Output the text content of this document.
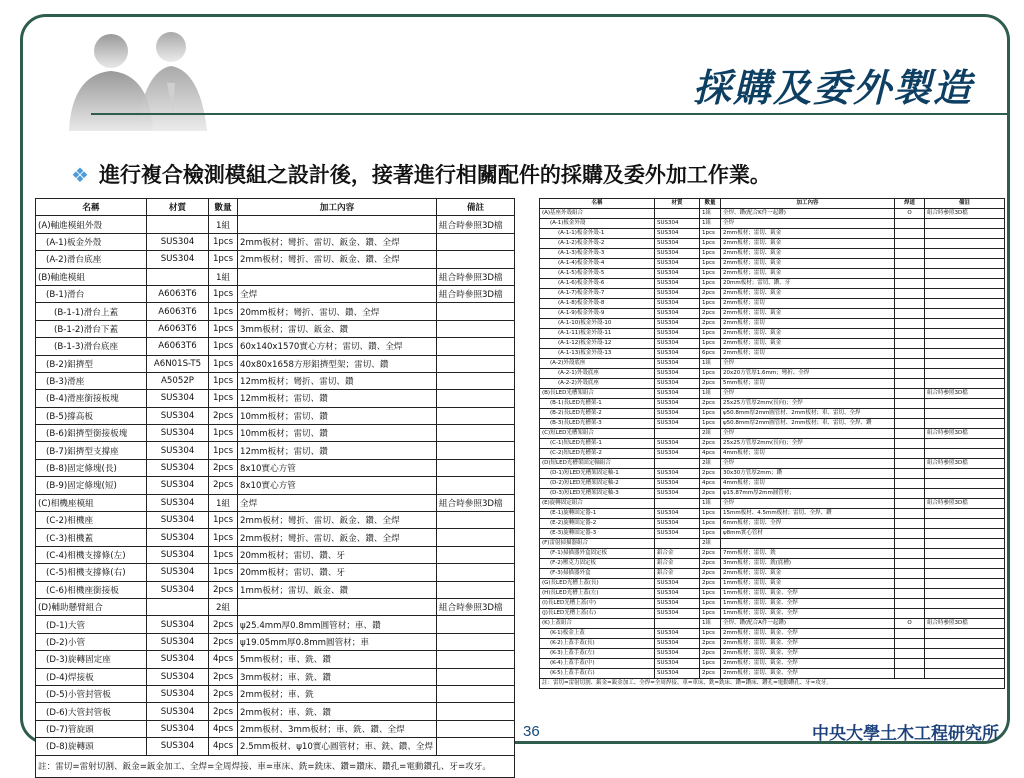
採購及委外製造
❖ 進行複合檢測模組之設計後，接著進行相關配件的採購及委外加工作業。
名稱	材質	數量	加工內容	備註
(A)軸進模組外殼		1組		組合時參照3D檔
(A-1)板金外殼	SUS304	1pcs	2mm板材；彎折、雷切、鈑金、鑽、全焊	
(A-2)滑台底座	SUS304	1pcs	2mm板材；彎折、雷切、鈑金、鑽、全焊	
(B)軸進模組		1組		組合時參照3D檔
(B-1)滑台	A6063T6	1pcs	全焊	組合時參照3D檔
(B-1-1)滑台上蓋	A6063T6	1pcs	20mm板材；彎折、雷切、鑽、全焊	
(B-1-2)滑台下蓋	A6063T6	1pcs	3mm板材；雷切、鈑金、鑽	
(B-1-3)滑台底座	A6063T6	1pcs	60x140x1570實心方材；雷切、鑽、全焊	
(B-2)鋁擠型	A6N01S-T5	1pcs	40x80x1658方形鋁擠型架；雷切、鑽	
(B-3)滑座	A5052P	1pcs	12mm板材；彎折、雷切、鑽	
(B-4)滑座銜接板塊	SUS304	1pcs	12mm板材；雷切、鑽	
(B-5)撐高板	SUS304	2pcs	10mm板材；雷切、鑽	
(B-6)鋁擠型銜接板塊	SUS304	1pcs	10mm板材；雷切、鑽	
(B-7)鋁擠型支撐座	SUS304	1pcs	12mm板材；雷切、鑽	
(B-8)固定條塊(長)	SUS304	2pcs	8x10實心方管	
(B-9)固定條塊(短)	SUS304	2pcs	8x10實心方管	
(C)相機座模組	SUS304	1組	全焊	組合時參照3D檔
(C-2)相機座	SUS304	1pcs	2mm板材；彎折、雷切、鈑金、鑽、全焊	
(C-3)相機蓋	SUS304	1pcs	2mm板材；彎折、雷切、鈑金、鑽、全焊	
(C-4)相機支撐條(左)	SUS304	1pcs	20mm板材；雷切、鑽、牙	
(C-5)相機支撐條(右)	SUS304	1pcs	20mm板材；雷切、鑽、牙	
(C-6)相機座銜接板	SUS304	2pcs	1mm板材；雷切、鈑金、鑽	
(D)輔助懸臂組合		2組		組合時參照3D檔
(D-1)大管	SUS304	2pcs	ψ25.4mm厚0.8mm圓管材；車、鑽	
(D-2)小管	SUS304	2pcs	ψ19.05mm厚0.8mm圓管材；車	
(D-3)旋轉固定座	SUS304	4pcs	5mm板材；車、銑、鑽	
(D-4)焊接板	SUS304	2pcs	3mm板材；車、銑、鑽	
(D-5)小管封管板	SUS304	2pcs	2mm板材；車、銑	
(D-6)大管封管板	SUS304	2pcs	2mm板材；車、銑、鑽	
(D-7)管旋頭	SUS304	4pcs	2mm板材、3mm板材；車、銑、鑽、全焊	
(D-8)旋轉頭	SUS304	4pcs	2.5mm板材、ψ10實心圓管材；車、銑、鑽、全焊	
註：雷切=雷射切割、鈑金=鈑金加工、全焊=全周焊接、車=車床、銑=銑床、鑽=鑽床、鑽孔=電動鑽孔、牙=攻牙。				
名稱	材質	數量	加工內容	焊道	備註
(A)基座外殼組合		1組	全焊、鑽(配合K件一起鑽)	O	組合時參照3D檔
(A-1)板金外殼	SUS304	1組	全焊		
(A-1-1)板金外殼-1	SUS304	1pcs	2mm板材；雷切、鈑金		
(A-1-2)板金外殼-2	SUS304	1pcs	2mm板材；雷切、鈑金		
(A-1-3)板金外殼-3	SUS304	1pcs	2mm板材；雷切、鈑金		
(A-1-4)板金外殼-4	SUS304	1pcs	2mm板材；雷切、鈑金		
(A-1-5)板金外殼-5	SUS304	1pcs	2mm板材；雷切、鈑金		
(A-1-6)板金外殼-6	SUS304	1pcs	20mm板材；雷切、鑽、牙		
(A-1-7)板金外殼-7	SUS304	2pcs	2mm板材；雷切、鈑金		
(A-1-8)板金外殼-8	SUS304	1pcs	2mm板材；雷切		
(A-1-9)板金外殼-9	SUS304	2pcs	2mm板材；雷切、鈑金		
(A-1-10)板金外殼-10	SUS304	2pcs	2mm板材；雷切		
(A-1-11)板金外殼-11	SUS304	1pcs	2mm板材；雷切、鈑金		
(A-1-12)板金外殼-12	SUS304	1pcs	2mm板材；雷切、鈑金		
(A-1-13)板金外殼-13	SUS304	6pcs	2mm板材；雷切		
(A-2)外殼底座	SUS304	1組	全焊		
(A-2-1)外殼底座	SUS304	1pcs	20x20方管厚1.6mm；彎折、全焊		
(A-2-2)外殼底座	SUS304	2pcs	5mm板材；雷切		
(B)長LED光槽架組合	SUS304	1組	全焊		組合時參照3D檔
(B-1)長LED光槽架-1	SUS304	2pcs	25x25方管厚2mm(長向)；全焊		
(B-2)長LED光槽架-2	SUS304	1pcs	ψ50.8mm厚2mm圓管材、2mm板材；車、雷切、全焊		
(B-3)長LED光槽架-3	SUS304	1pcs	ψ50.8mm厚2mm圓管材、2mm板材；車、雷切、全焊、鑽		
(C)短LED光槽架組合		2組	全焊		組合時參照3D檔
(C-1)短LED光槽架-1	SUS304	2pcs	25x25方管厚2mm(長向)；全焊		
(C-2)短LED光槽架-2	SUS304	4pcs	4mm板材；雷切		
(D)短LED光槽架固定軸組合		2組	全焊		組合時參照3D檔
(D-1)短LED光槽架固定軸-1	SUS304	2pcs	30x30方管厚2mm；鑽		
(D-2)短LED光槽架固定軸-2	SUS304	4pcs	4mm板材；雷切		
(D-3)短LED光槽架固定軸-3	SUS304	2pcs	ψ15.87mm厚2mm圓管材；		
(E)旋轉固定組合		1組	全焊		組合時參照3D檔
(E-1)旋轉固定器-1	SUS304	1pcs	15mm板材、4.5mm板材；雷切、全焊、鑽		
(E-2)旋轉固定器-2	SUS304	1pcs	6mm板材；雷切、全焊		
(E-3)旋轉固定器-3	SUS304	1pcs	ψ8mm實心管材		
(F)雷射掃描器組合		2組			
(F-1)掃描器外盒固定板	鋁合金	2pcs	7mm板材；雷切、銑		
(F-2)壓克力固定板	鋁合金	2pcs	3mm板材；雷切、銑(底槽)		
(F-3)掃描器外盒	鋁合金	2pcs	2mm板材；雷切、鈑金		
(G)長LED光槽上蓋(長)	SUS304	2pcs	1mm板材；雷切、鈑金		
(H)長LED光槽上蓋(左)	SUS304	1pcs	1mm板材；雷切、鈑金、全焊		
(I)長LED光槽上蓋(中)	SUS304	1pcs	1mm板材；雷切、鈑金、全焊		
(J)長LED光槽上蓋(右)	SUS304	1pcs	1mm板材；雷切、鈑金、全焊		
(K)上蓋組合		1組	全焊、鑽(配合A件一起鑽)	O	組合時參照3D檔
(K-1)板金上蓋	SUS304	1pcs	2mm板材；雷切、鈑金、全焊		
(K-2)上蓋手蓋(長)	SUS304	2pcs	2mm板材；雷切、鈑金、全焊		
(K-3)上蓋手蓋(左)	SUS304	2pcs	2mm板材；雷切、鈑金、全焊		
(K-4)上蓋手蓋(中)	SUS304	1pcs	2mm板材；雷切、鈑金、全焊		
(K-5)上蓋手蓋(右)	SUS304	2pcs	2mm板材；雷切、鈑金、全焊		
註：雷切=雷射切割、鈑金=鈑金加工、全焊=全周焊接、車=車床、銑=銑床、鑽=鑽床、鑽孔=電動鑽孔、牙=攻牙。					
36	中央大學土木工程研究所
